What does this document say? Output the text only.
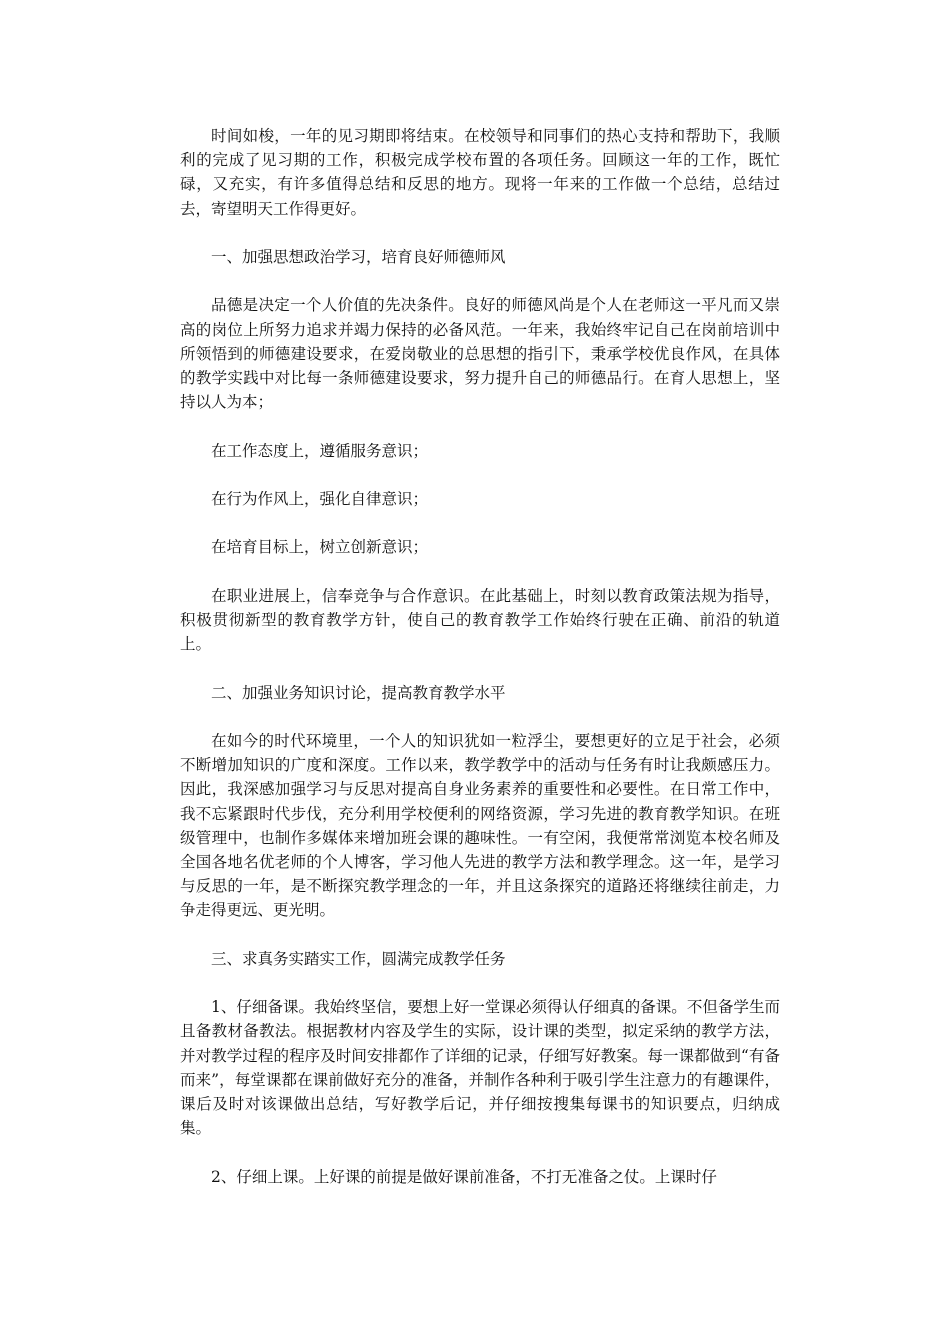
时间如梭，一年的见习期即将结束。在校领导和同事们的热心支持和帮助下，我顺利的完成了见习期的工作，积极完成学校布置的各项任务。回顾这一年的工作，既忙碌，又充实，有许多值得总结和反思的地方。现将一年来的工作做一个总结，总结过去，寄望明天工作得更好。

一、加强思想政治学习，培育良好师德师风

品德是决定一个人价值的先决条件。良好的师德风尚是个人在老师这一平凡而又崇高的岗位上所努力追求并竭力保持的必备风范。一年来，我始终牢记自己在岗前培训中所领悟到的师德建设要求，在爱岗敬业的总思想的指引下，秉承学校优良作风，在具体的教学实践中对比每一条师德建设要求，努力提升自己的师德品行。在育人思想上，坚持以人为本；

在工作态度上，遵循服务意识；

在行为作风上，强化自律意识；

在培育目标上，树立创新意识；

在职业进展上，信奉竞争与合作意识。在此基础上，时刻以教育政策法规为指导，积极贯彻新型的教育教学方针，使自己的教育教学工作始终行驶在正确、前沿的轨道上。

二、加强业务知识讨论，提高教育教学水平

在如今的时代环境里，一个人的知识犹如一粒浮尘，要想更好的立足于社会，必须不断增加知识的广度和深度。工作以来，教学教学中的活动与任务有时让我颇感压力。因此，我深感加强学习与反思对提高自身业务素养的重要性和必要性。在日常工作中，我不忘紧跟时代步伐，充分利用学校便利的网络资源，学习先进的教育教学知识。在班级管理中，也制作多媒体来增加班会课的趣味性。一有空闲，我便常常浏览本校名师及全国各地名优老师的个人博客，学习他人先进的教学方法和教学理念。这一年，是学习与反思的一年，是不断探究教学理念的一年，并且这条探究的道路还将继续往前走，力争走得更远、更光明。

三、求真务实踏实工作，圆满完成教学任务

1、仔细备课。我始终坚信，要想上好一堂课必须得认仔细真的备课。不但备学生而且备教材备教法。根据教材内容及学生的实际，设计课的类型，拟定采纳的教学方法，并对教学过程的程序及时间安排都作了详细的记录，仔细写好教案。每一课都做到“有备而来”，每堂课都在课前做好充分的准备，并制作各种利于吸引学生注意力的有趣课件，课后及时对该课做出总结，写好教学后记，并仔细按搜集每课书的知识要点，归纳成集。

2、仔细上课。上好课的前提是做好课前准备，不打无准备之仗。上课时仔
